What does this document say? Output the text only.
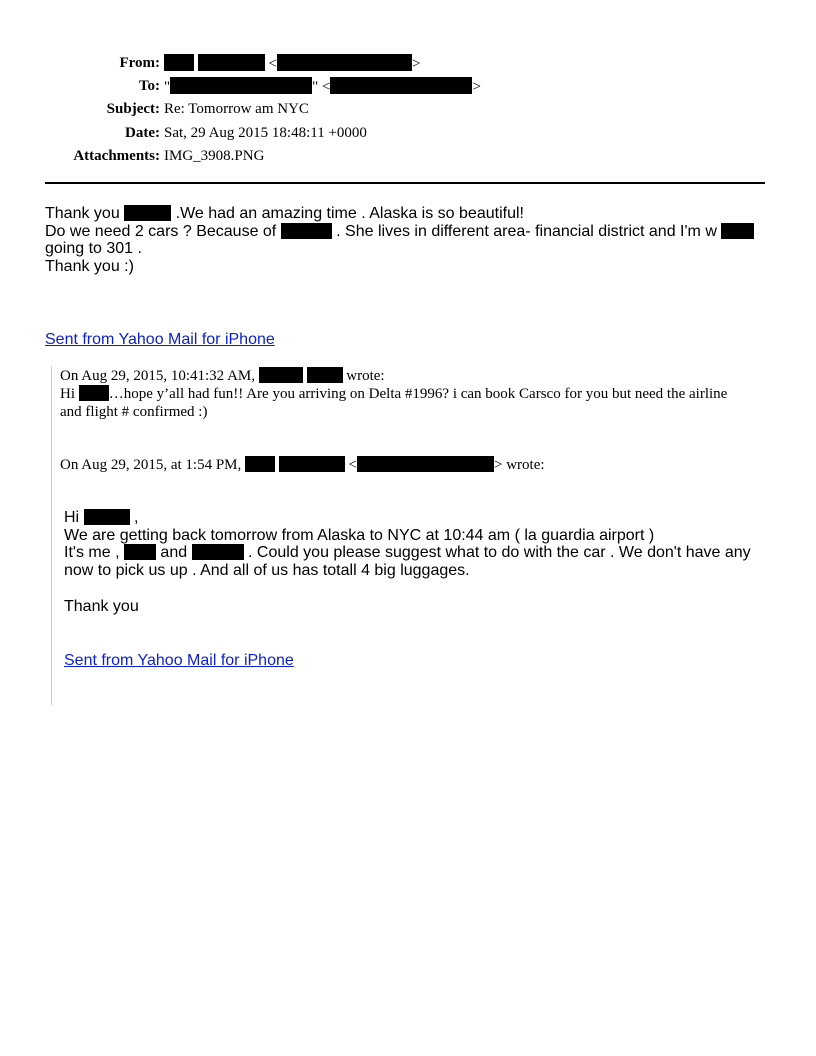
From:	<	>
To: "	" <	>
Subject: Re: Tomorrow am NYC
Date: Sat, 29 Aug 2015 18:48:11 +0000
Attachments: IMG_3908.PNG

Thank you	.We had an amazing time . Alaska is so beautiful!

Do we need 2 cars ? Because of	. She lives in different area- financial district and I'm w

going to 301 .

Thank you :)

Sent from Yahoo Mail for iPhone
On Aug 29, 2015, 10:41:32 AM,	wrote:
Hi …hope y’all had fun!! Are you arriving on Delta #1996? i can book Carsco for you but need the airline
and flight # confirmed :)
On Aug 29, 2015, at 1:54 PM,	<	> wrote:

Hi	,

We are getting back tomorrow from Alaska to NYC at 10:44 am ( la guardia airport )

It's me ,	and	. Could you please suggest what to do with the car . We don't have any

now to pick us up . And all of us has totall 4 big luggages.

Thank you

Sent from Yahoo Mail for iPhone
